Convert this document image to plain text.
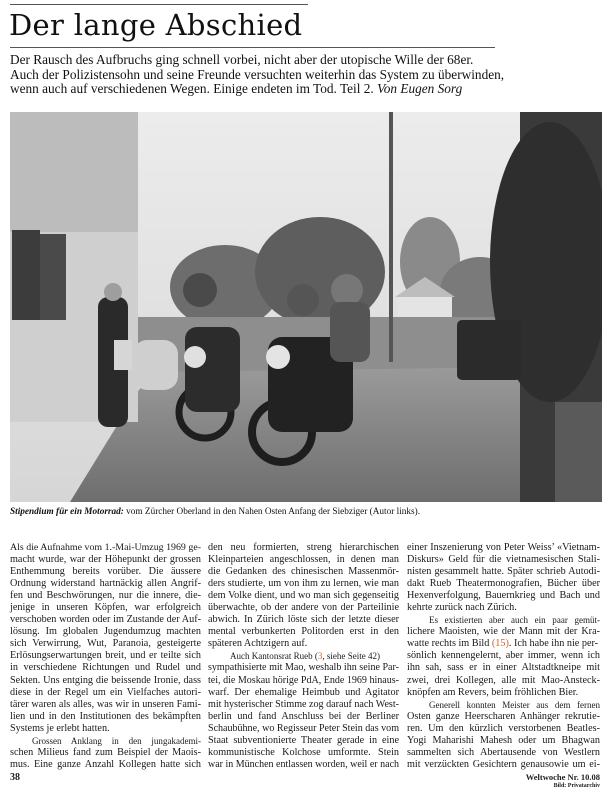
Der lange Abschied
Der Rausch des Aufbruchs ging schnell vorbei, nicht aber der utopische Wille der 68er.
Auch der Polizistensohn und seine Freunde versuchten weiterhin das System zu überwinden,
wenn auch auf verschiedenen Wegen. Einige endeten im Tod. Teil 2. Von Eugen Sorg
Stipendium für ein Motorrad: vom Zürcher Oberland in den Nahen Osten Anfang der Siebziger (Autor links).
Als die Aufnahme vom 1.-Mai-Umzug 1969 ge-
macht wurde, war der Höhepunkt der grossen
Enthemmung bereits vorüber. Die äussere
Ordnung widerstand hartnäckig allen Angrif-
fen und Beschwörungen, nur die innere, die-
jenige in unseren Köpfen, war erfolgreich
verschoben worden oder im Zustande der Auf-
lösung. Im globalen Jugendumzug machten
sich Verwirrung, Wut, Paranoia, gesteigerte
Erlösungserwartungen breit, und er teilte sich
in verschiedene Richtungen und Rudel und
Sekten. Uns entging die beissende Ironie, dass
diese in der Regel um ein Vielfaches autori-
tärer waren als alles, was wir in unseren Fami-
lien und in den Institutionen des bekämpften
Systems je erlebt hatten.
Grossen Anklang in den jungakademi-
schen Milieus fand zum Beispiel der Maois-
mus. Eine ganze Anzahl Kollegen hatte sich
den neu formierten, streng hierarchischen
Kleinparteien angeschlossen, in denen man
die Gedanken des chinesischen Massenmör-
ders studierte, um von ihm zu lernen, wie man
dem Volke dient, und wo man sich gegenseitig
überwachte, ob der andere von der Parteilinie
abwich. In Zürich löste sich der letzte dieser
mental verbunkerten Politorden erst in den
späteren Achtzigern auf.
Auch Kantonsrat Rueb (3, siehe Seite 42)
sympathisierte mit Mao, weshalb ihn seine Par-
tei, die Moskau hörige PdA, Ende 1969 hinaus-
warf. Der ehemalige Heimbub und Agitator
mit hysterischer Stimme zog darauf nach West-
berlin und fand Anschluss bei der Berliner
Schaubühne, wo Regisseur Peter Stein das vom
Staat subventionierte Theater gerade in eine
kommunistische Kolchose umformte. Stein
war in München entlassen worden, weil er nach
einer Inszenierung von Peter Weiss’ «Vietnam-
Diskurs» Geld für die vietnamesischen Stali-
nisten gesammelt hatte. Später schrieb Autodi-
dakt Rueb Theatermonografien, Bücher über
Hexenverfolgung, Bauernkrieg und Bach und
kehrte zurück nach Zürich.
Es existierten aber auch ein paar gemüt-
lichere Maoisten, wie der Mann mit der Kra-
watte rechts im Bild (15). Ich habe ihn nie per-
sönlich kennengelernt, aber immer, wenn ich
ihn sah, sass er in einer Altstadtkneipe mit
zwei, drei Kollegen, alle mit Mao-Ansteck-
knöpfen am Revers, beim fröhlichen Bier.
Generell konnten Meister aus dem fernen
Osten ganze Heerscharen Anhänger rekrutie-
ren. Um den kürzlich verstorbenen Beatles-
Yogi Maharishi Mahesh oder um Bhagwan
sammelten sich Abertausende von Westlern
mit verzückten Gesichtern genausowie um ei-
38	Weltwoche Nr. 10.08
Bild: Privatarchiv
